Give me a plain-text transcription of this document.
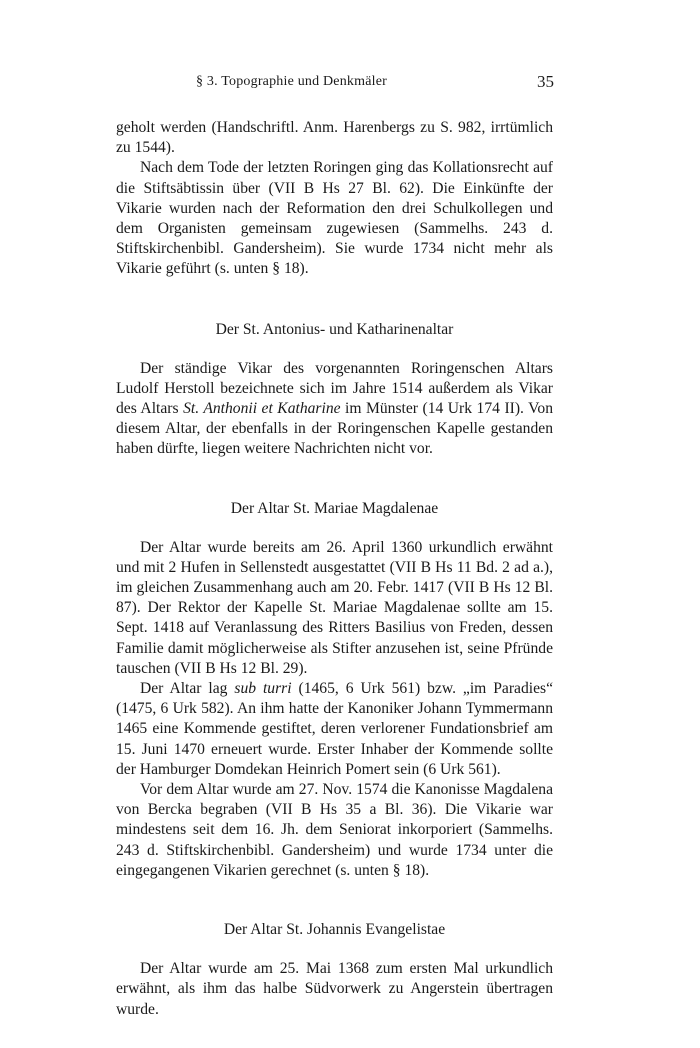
§ 3. Topographie und Denkmäler	35

geholt werden (Handschriftl. Anm. Harenbergs zu S. 982, irrtümlich zu 1544).

Nach dem Tode der letzten Roringen ging das Kollationsrecht auf die Stiftsäbtissin über (VII B Hs 27 Bl. 62). Die Einkünfte der Vikarie wurden nach der Reformation den drei Schulkollegen und dem Organisten gemeinsam zugewiesen (Sammelhs. 243 d. Stiftskirchenbibl. Gandersheim). Sie wurde 1734 nicht mehr als Vikarie geführt (s. unten § 18).

Der St. Antonius- und Katharinenaltar

Der ständige Vikar des vorgenannten Roringenschen Altars Ludolf Herstoll bezeichnete sich im Jahre 1514 außerdem als Vikar des Altars St. Anthonii et Katharine im Münster (14 Urk 174 II). Von diesem Altar, der ebenfalls in der Roringenschen Kapelle gestanden haben dürfte, liegen weitere Nachrichten nicht vor.

Der Altar St. Mariae Magdalenae

Der Altar wurde bereits am 26. April 1360 urkundlich erwähnt und mit 2 Hufen in Sellenstedt ausgestattet (VII B Hs 11 Bd. 2 ad a.), im gleichen Zusammenhang auch am 20. Febr. 1417 (VII B Hs 12 Bl. 87). Der Rektor der Kapelle St. Mariae Magdalenae sollte am 15. Sept. 1418 auf Veranlassung des Ritters Basilius von Freden, dessen Familie damit möglicherweise als Stifter anzusehen ist, seine Pfründe tauschen (VII B Hs 12 Bl. 29).

Der Altar lag sub turri (1465, 6 Urk 561) bzw. „im Paradies“ (1475, 6 Urk 582). An ihm hatte der Kanoniker Johann Tymmermann 1465 eine Kommende gestiftet, deren verlorener Fundationsbrief am 15. Juni 1470 erneuert wurde. Erster Inhaber der Kommende sollte der Hamburger Domdekan Heinrich Pomert sein (6 Urk 561).

Vor dem Altar wurde am 27. Nov. 1574 die Kanonisse Magdalena von Bercka begraben (VII B Hs 35 a Bl. 36). Die Vikarie war mindestens seit dem 16. Jh. dem Seniorat inkorporiert (Sammelhs. 243 d. Stiftskirchenbibl. Gandersheim) und wurde 1734 unter die eingegangenen Vikarien gerechnet (s. unten § 18).

Der Altar St. Johannis Evangelistae

Der Altar wurde am 25. Mai 1368 zum ersten Mal urkundlich erwähnt, als ihm das halbe Südvorwerk zu Angerstein übertragen wurde.
